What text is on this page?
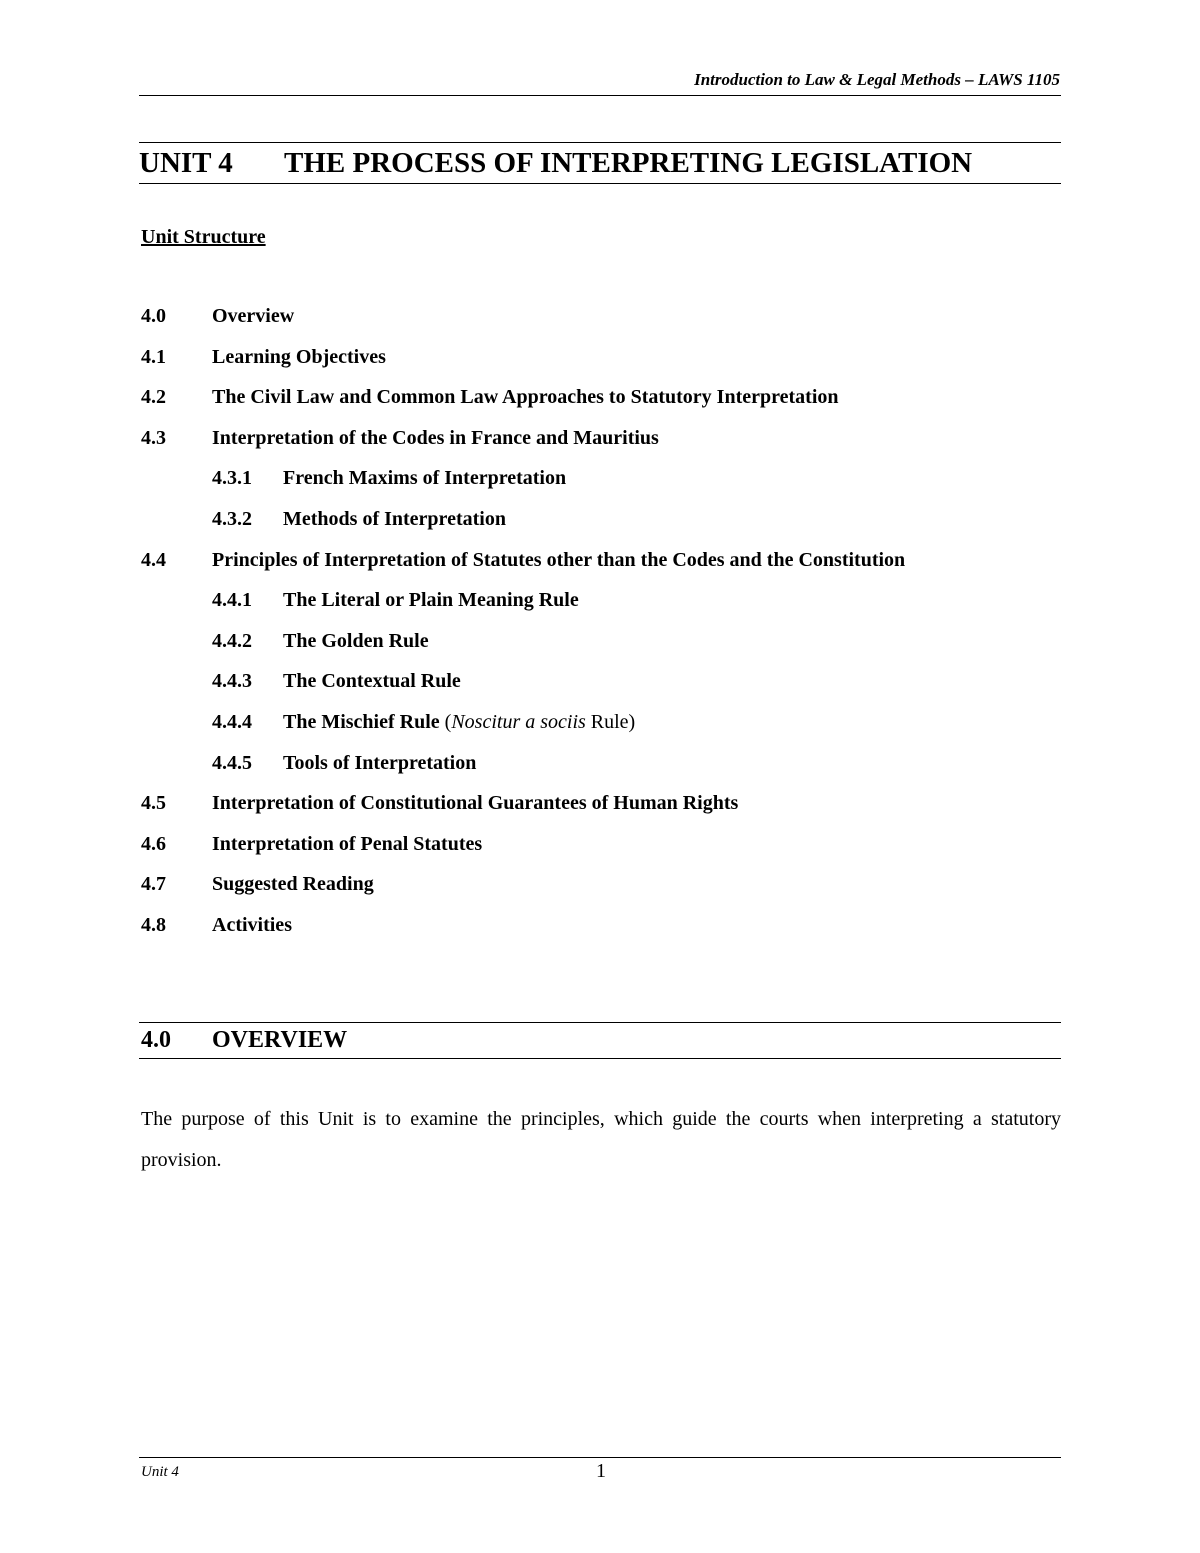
Introduction to Law & Legal Methods – LAWS 1105
UNIT 4 THE PROCESS OF INTERPRETING LEGISLATION
Unit Structure
4.0 Overview
4.1 Learning Objectives
4.2 The Civil Law and Common Law Approaches to Statutory Interpretation
4.3 Interpretation of the Codes in France and Mauritius
4.3.1 French Maxims of Interpretation
4.3.2 Methods of Interpretation
4.4 Principles of Interpretation of Statutes other than the Codes and the Constitution
4.4.1 The Literal or Plain Meaning Rule
4.4.2 The Golden Rule
4.4.3 The Contextual Rule
4.4.4 The Mischief Rule (Noscitur a sociis Rule)
4.4.5 Tools of Interpretation
4.5 Interpretation of Constitutional Guarantees of Human Rights
4.6 Interpretation of Penal Statutes
4.7 Suggested Reading
4.8 Activities
4.0 OVERVIEW

The purpose of this Unit is to examine the principles, which guide the courts when interpreting a statutory provision.

Unit 4	1
